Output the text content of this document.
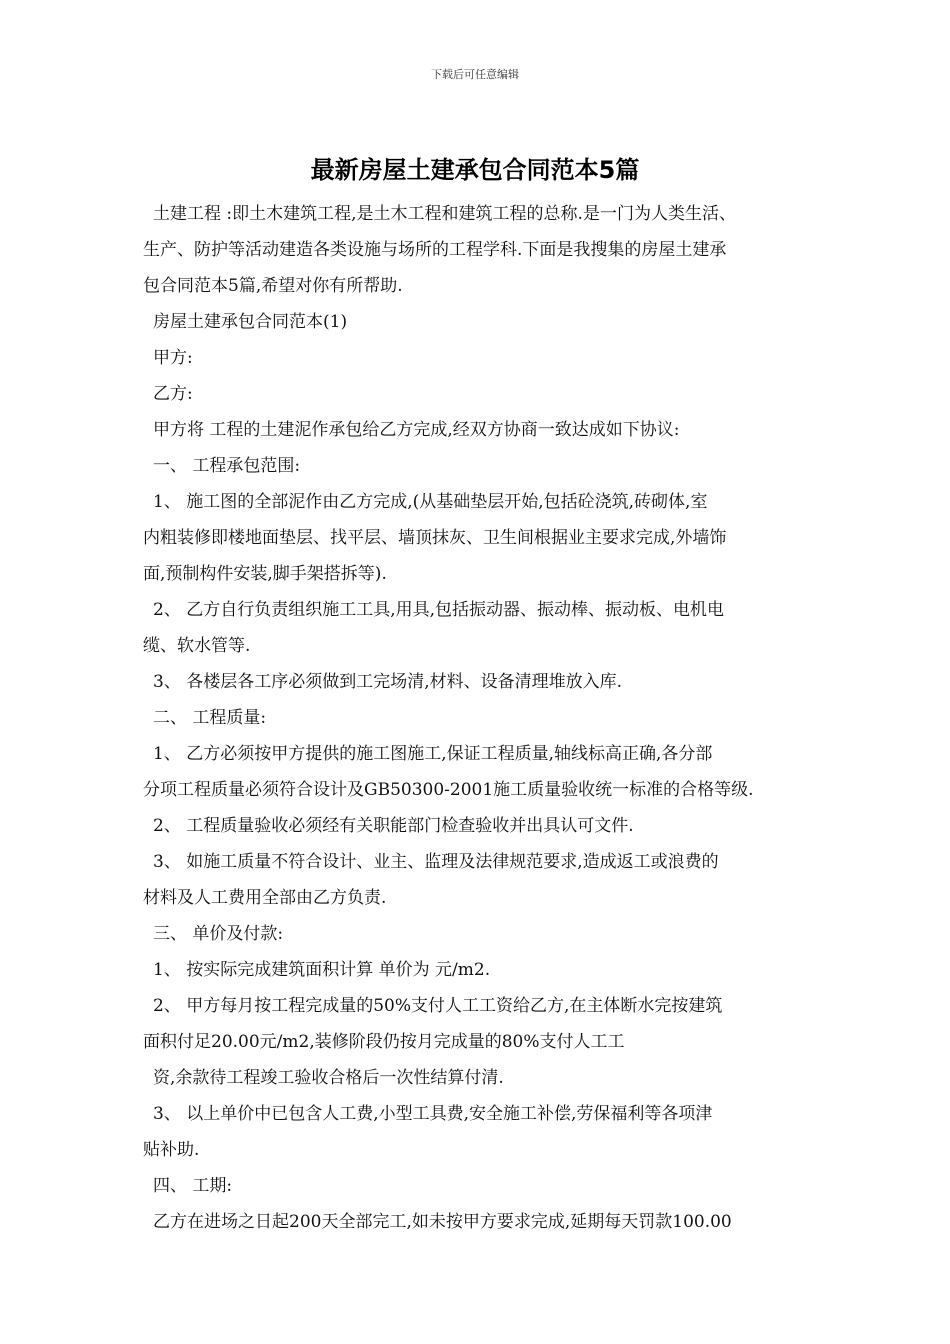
下载后可任意编辑
最新房屋土建承包合同范本5篇
土建工程 :即土木建筑工程,是土木工程和建筑工程的总称.是一门为人类生活、
生产、防护等活动建造各类设施与场所的工程学科.下面是我搜集的房屋土建承
包合同范本5篇,希望对你有所帮助.
房屋土建承包合同范本(1)
甲方:
乙方:
甲方将 工程的土建泥作承包给乙方完成,经双方协商一致达成如下协议:
一、 工程承包范围:
1、 施工图的全部泥作由乙方完成,(从基础垫层开始,包括砼浇筑,砖砌体,室
内粗装修即楼地面垫层、找平层、墙顶抹灰、卫生间根据业主要求完成,外墙饰
面,预制构件安装,脚手架搭拆等).
2、 乙方自行负责组织施工工具,用具,包括振动器、振动棒、振动板、电机电
缆、软水管等.
3、 各楼层各工序必须做到工完场清,材料、设备清理堆放入库.
二、 工程质量:
1、 乙方必须按甲方提供的施工图施工,保证工程质量,轴线标高正确,各分部
分项工程质量必须符合设计及GB50300-2001施工质量验收统一标准的合格等级.
2、 工程质量验收必须经有关职能部门检查验收并出具认可文件.
3、 如施工质量不符合设计、业主、监理及法律规范要求,造成返工或浪费的
材料及人工费用全部由乙方负责.
三、 单价及付款:
1、 按实际完成建筑面积计算 单价为 元/m2.
2、 甲方每月按工程完成量的50%支付人工工资给乙方,在主体断水完按建筑
面积付足20.00元/m2,装修阶段仍按月完成量的80%支付人工工
资,余款待工程竣工验收合格后一次性结算付清.
3、 以上单价中已包含人工费,小型工具费,安全施工补偿,劳保福利等各项津
贴补助.
四、 工期:
乙方在进场之日起200天全部完工,如未按甲方要求完成,延期每天罚款100.00
